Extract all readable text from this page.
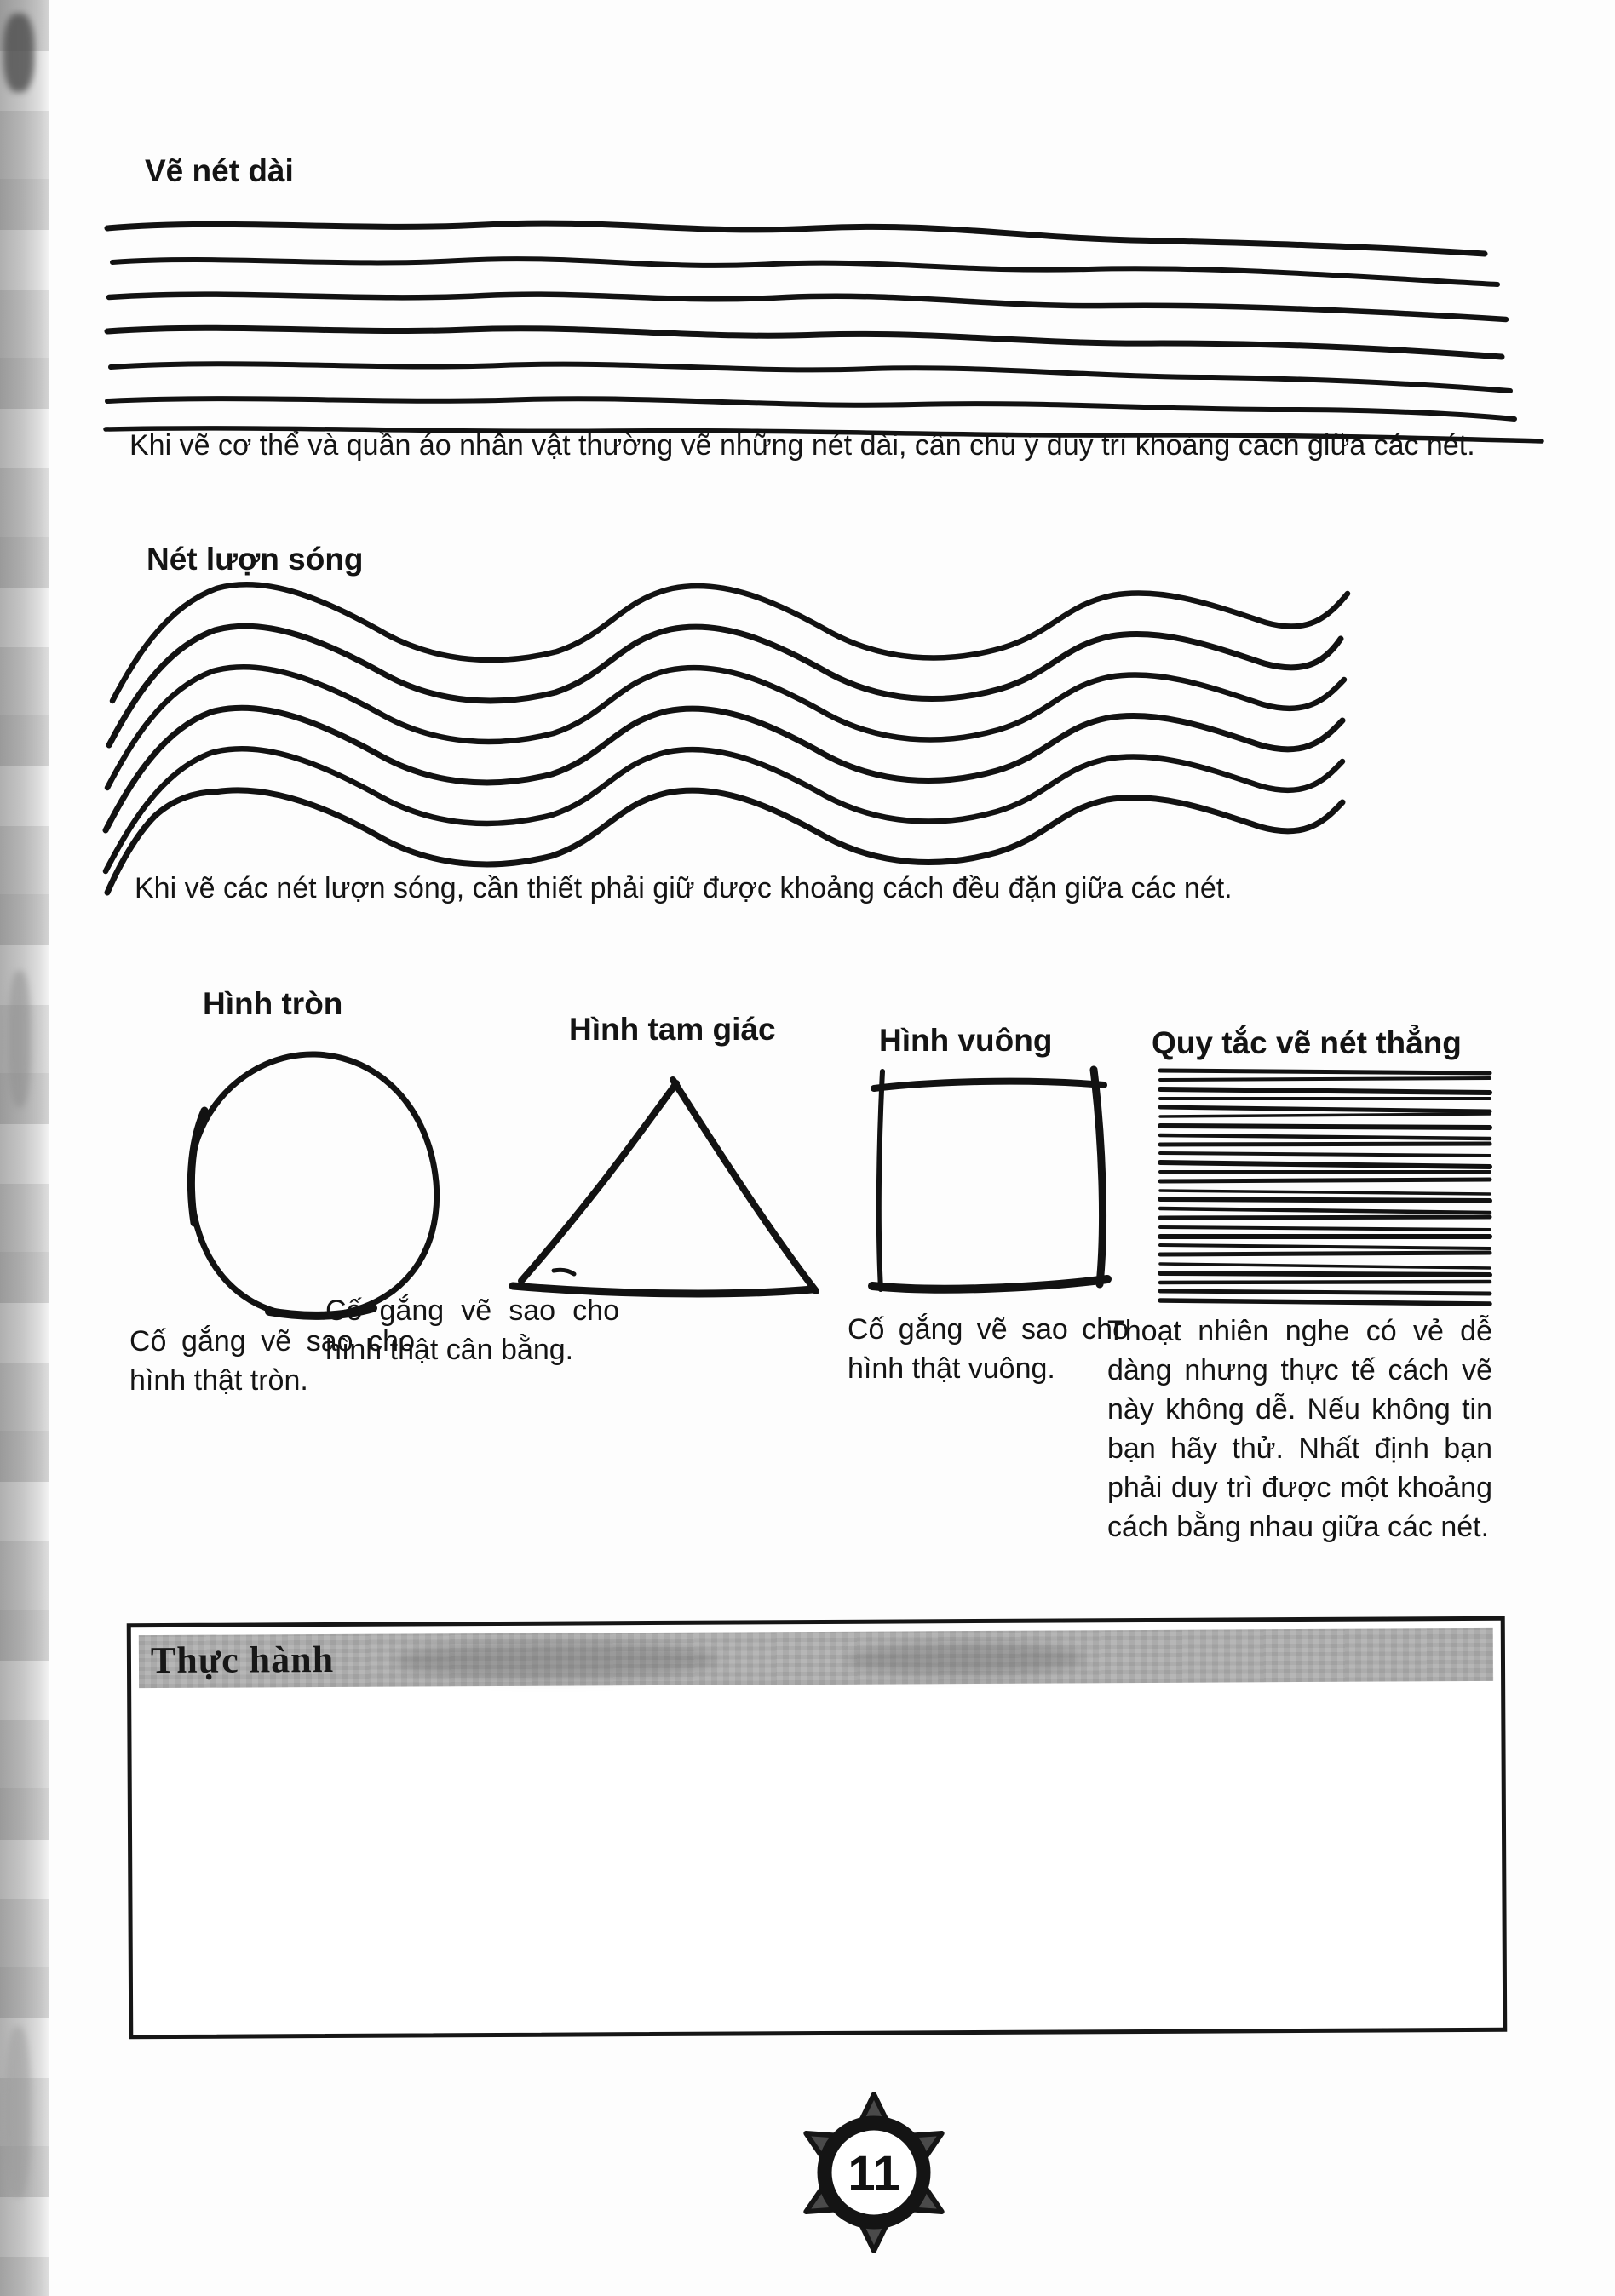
Vẽ nét dài
Khi vẽ cơ thể và quần áo nhân vật thường vẽ những nét dài, cần chú ý duy trì khoảng cách giữa các nét.
Nét lượn sóng
Khi vẽ các nét lượn sóng, cần thiết phải giữ được khoảng cách đều đặn giữa các nét.
Hình tròn
Hình tam giác	Hình vuông	Quy tắc vẽ nét thẳng
Cố gắng vẽ sao cho hình thật tròn.
Cố gắng vẽ sao cho hình thật cân bằng.
Cố gắng vẽ sao cho hình thật vuông.
Thoạt nhiên nghe có vẻ dễ dàng nhưng thực tế cách vẽ này không dễ. Nếu không tin bạn hãy thử. Nhất định bạn phải duy trì được một khoảng cách bằng nhau giữa các nét.
Thực hành
11
